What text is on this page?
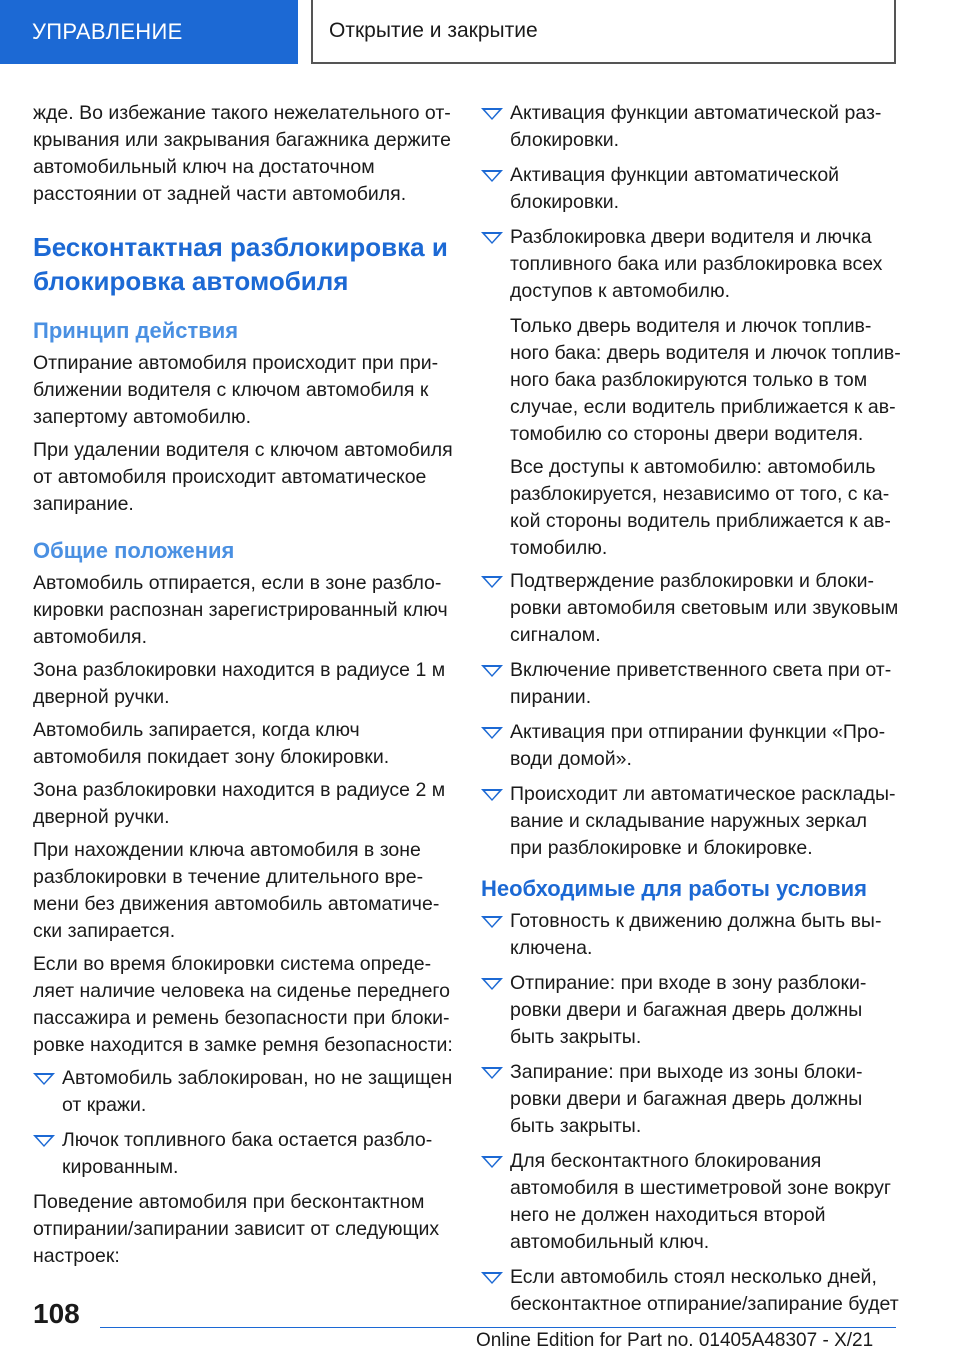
УПРАВЛЕНИЕ	Открытие и закрытие

жде. Во избежание такого нежелательного открывания или закрывания багажника держите автомобильный ключ на достаточном расстоянии от задней части автомобиля.

Бесконтактная разблокировка и блокировка автомобиля
Принцип действия

Отпирание автомобиля происходит при приближении водителя с ключом автомобиля к запертому автомобилю.

При удалении водителя с ключом автомобиля от автомобиля происходит автоматическое запирание.

Общие положения

Автомобиль отпирается, если в зоне разблокировки распознан зарегистрированный ключ автомобиля.

Зона разблокировки находится в радиусе 1 м дверной ручки.

Автомобиль запирается, когда ключ автомобиля покидает зону блокировки.

Зона разблокировки находится в радиусе 2 м дверной ручки.

При нахождении ключа автомобиля в зоне разблокировки в течение длительного времени без движения автомобиль автоматически запирается.

Если во время блокировки система определяет наличие человека на сиденье переднего пассажира и ремень безопасности при блокировке находится в замке ремня безопасности:

Автомобиль заблокирован, но не защищен от кражи.
Лючок топливного бака остается разблокированным.

Поведение автомобиля при бесконтактном отпирании/запирании зависит от следующих настроек:

Активация функции автоматической разблокировки.
Активация функции автоматической блокировки.
Разблокировка двери водителя и лючка топливного бака или разблокировка всех доступов к автомобилю.

Только дверь водителя и лючок топливного бака: дверь водителя и лючок топливного бака разблокируются только в том случае, если водитель приближается к автомобилю со стороны двери водителя.

Все доступы к автомобилю: автомобиль разблокируется, независимо от того, с какой стороны водитель приближается к автомобилю.

Подтверждение разблокировки и блокировки автомобиля световым или звуковым сигналом.
Включение приветственного света при отпирании.
Активация при отпирании функции «Проводи домой».
Происходит ли автоматическое раскладывание и складывание наружных зеркал при разблокировке и блокировке.
Необходимые для работы условия
Готовность к движению должна быть выключена.
Отпирание: при входе в зону разблокировки двери и багажная дверь должны быть закрыты.
Запирание: при выходе из зоны блокировки двери и багажная дверь должны быть закрыты.
Для бесконтактного блокирования автомобиля в шестиметровой зоне вокруг него не должен находиться второй автомобильный ключ.
Если автомобиль стоял несколько дней, бесконтактное отпирание/запирание будет
108
Online Edition for Part no. 01405A48307 - X/21
